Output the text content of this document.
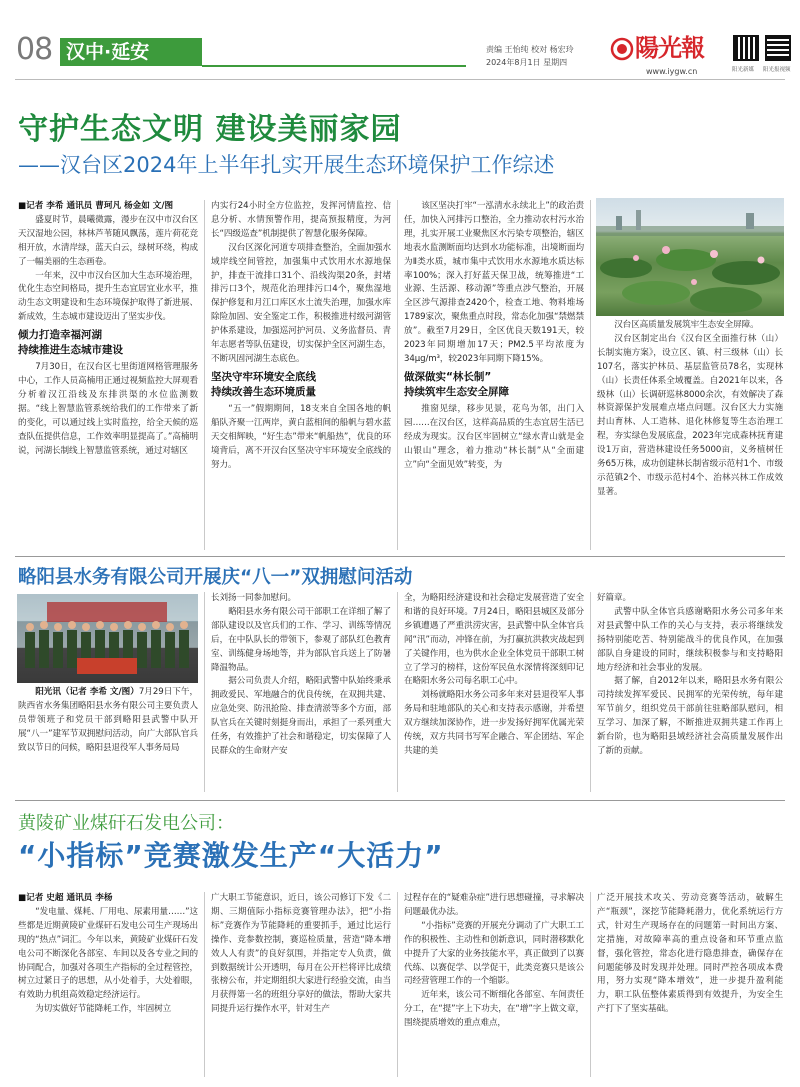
08 汉中·延安	责编 王怡纯 校对 杨宏玲
2024年8月1日 星期四
陽光報
www.iygw.cn	阳光新媒 阳光报视频
守护生态文明 建设美丽家园
——汉台区2024年上半年扎实开展生态环境保护工作综述
■记者 李希 通讯员 曹珂凡 杨金如 文/图

盛夏时节，晨曦微露，漫步在汉中市汉台区天汉湿地公园，林林芦苇随风飘荡，莲片荷花竞相开放，水清岸绿，蓝天白云，绿树环绕，构成了一幅美丽的生态画卷。

一年来，汉中市汉台区加大生态环境治理，优化生态空间格局，提升生态宜居宜业水平，推动生态文明建设和生态环境保护取得了新进展、新成效，生态城市建设迈出了坚实步伐。

倾力打造幸福河湖
持续推进生态城市建设

7月30日，在汉台区七里街道网格管理服务中心，工作人员高楠用正通过视频监控大屏观看分析着汉江沿线及东排洪渠的水位监测数据。“线上智慧监管系统给我们的工作带来了新的变化，可以通过线上实时监控，给全天候的巡查队伍提供信息，工作效率明显提高了。”高楠明说，河湖长制线上智慧监管系统，通过对辖区

内实行24小时全方位监控，发挥河情监控、信息分析、水情预警作用，提高预报精度，为河长“四级巡查”机制提供了智慧化服务保障。

汉台区深化河道专项排查整治，全面加强水域岸线空间管控，加强集中式饮用水水源地保护，排查干流排口31个、沿线沟渠20条，封堵排污口3个，规范化治理排污口4个，聚焦湿地保护修复和月江口库区水土流失治理，加强水库除险加固、安全鉴定工作，积极推进村级河湖管护体系建设，加强巡河护河员、义务监督员、青年志愿者等队伍建设，切实保护全区河湖生态，不断巩固河湖生态底色。

坚决守牢环境安全底线
持续改善生态环境质量

“五一”假期期间，18支来自全国各地的帆船队齐聚一江两岸，黄白蓝相间的船帆与碧水蓝天交相辉映，“好生态”带来“帆船热”，优良的环境背后，离不开汉台区坚决守牢环境安全底线的努力。

该区坚决打牢“一泓清水永续北上”的政治责任，加快入河排污口整治，全力推动农村污水治理，扎实开展工业聚焦区水污染专项整治，辖区地表水监测断面均达到水功能标准，出境断面均为Ⅱ类水质，城市集中式饮用水水源地水质达标率100%；深入打好蓝天保卫战，统筹推进“工业源、生活源、移动源”等重点涉气整治，开展全区涉气源排查2420个，检查工地、物料堆场1789家次，聚焦重点时段，常态化加强“禁燃禁放”。截至7月29日，全区优良天数191天，较2023年同期增加17天；PM2.5平均浓度为34μg/m³，较2023年同期下降15%。

做深做实“林长制”
持续筑牢生态安全屏障

推窗见绿，移步见景，花鸟为邻，出门入园……在汉台区，这样高品质的生态宜居生活已经成为现实。汉台区牢固树立“绿水青山就是金山银山”理念，着力推动“林长制”从“全面建立”向“全面见效”转变，为

汉台区高质量发展筑牢生态安全屏障。

汉台区制定出台《汉台区全面推行林（山）长制实施方案》，设立区、镇、村三级林（山）长107名，落实护林员、基层监管员78名，实现林（山）长责任体系全域覆盖。自2021年以来，各级林（山）长调研巡林8000余次，有效解决了森林资源保护发展难点堵点问题。汉台区大力实施封山育林、人工造林、退化林修复等生态治理工程，夯实绿色发展底盘，2023年完成森林抚育建设1万亩，营造林建设任务5000亩，义务植树任务65万株，成功创建林长制省级示范村1个、市级示范镇2个、市级示范村4个、治林兴林工作成效显著。

略阳县水务有限公司开展庆“八一”双拥慰问活动

阳光讯（记者 李希 文/图）7月29日下午，陕西省水务集团略阳县水务有限公司主要负责人员带领班子和党员干部到略阳县武警中队开展“八一”建军节双拥慰问活动，向广大部队官兵致以节日的问候，略阳县退役军人事务局局

长刘扬一同参加慰问。

略阳县水务有限公司干部职工在详细了解了部队建设以及官兵们的工作、学习、训练等情况后，在中队队长的带领下，参观了部队红色教育室、训练健身场地等，并为部队官兵送上了防暑降温物品。

据公司负责人介绍，略阳武警中队始终秉承拥政爱民、军地融合的优良传统，在双拥共建、应急处突、防汛抢险、排查清淤等多个方面，部队官兵在关键时刻挺身而出，承担了一系列重大任务，有效推护了社会和谐稳定，切实保障了人民群众的生命财产安

全，为略阳经济建设和社会稳定发展营造了安全和谐的良好环境。7月24日，略阳县城区及部分乡镇遭遇了严重洪涝灾害，县武警中队全体官兵闻“汛”而动，冲锋在前，为打赢抗洪救灾战起到了关键作用，也为供水企业全体党员干部职工树立了学习的榜样，这份军民鱼水深情将深刻印记在略阳水务公司每名职工心中。

刘杨就略阳水务公司多年来对县退役军人事务局和驻地部队的关心和支持表示感谢，并希望双方继续加深协作，进一步发扬好拥军优属光荣传统，双方共同书写军企融合、军企团结、军企共建的美

好篇章。

武警中队全体官兵感谢略阳水务公司多年来对县武警中队工作的关心与支持，表示将继续发扬特别能吃苦、特别能战斗的优良作风，在加强部队自身建设的同时，继续积极参与和支持略阳地方经济和社会事业的发展。

据了解，自2012年以来，略阳县水务有限公司持续发挥军爱民、民拥军的光荣传统，每年建军节前夕，组织党员干部前往驻略部队慰问，相互学习、加深了解，不断推进双拥共建工作再上新台阶，也为略阳县域经济社会高质量发展作出了新的贡献。

黄陵矿业煤矸石发电公司：
“小指标”竞赛激发生产“大活力”
■记者 史超 通讯员 李杨

“发电量、煤耗、厂用电、尿素用量……”这些都是近期黄陵矿业煤矸石发电公司生产现场出现的“热点”词汇。今年以来，黄陵矿业煤矸石发电公司不断深化各部室、车间以及各专业之间的协同配合，加强对各项生产指标的全过程管控，树立过紧日子的思想，从小处着手，大处着眼，有效助力机组高效稳定经济运行。

为切实做好节能降耗工作，牢固树立

广大职工节能意识，近日，该公司修订下发《二期、三期值际小指标竞赛管理办法》，把“小指标”竞赛作为节能降耗的重要抓手，通过比运行操作、竞参数控制，赛巡检质量，营造“降本增效人人有责”的良好氛围，并指定专人负责，做到数据统计公开透明，每月在公开栏将评比成绩张榜公布，并定期组织大家进行经验交流，由当月获得第一名的班组分享好的做法，帮助大家共同提升运行操作水平，针对生产

过程存在的“疑难杂症”进行思想碰撞，寻求解决问题最优办法。

“小指标”竞赛的开展充分调动了广大职工工作的积极性、主动性和创新意识，同时潜移默化中提升了大家的业务技能水平，真正做到了以赛代练、以赛促学、以学促干，此类竞赛只是该公司经营管理工作的一个缩影。

近年来，该公司不断细化各部室、车间责任分工，在“提”字上下功夫，在“增”字上做文章，围绕提质增效的重点难点，

广泛开展技术攻关、劳动竞赛等活动，破解生产“瓶颈”，深挖节能降耗潜力，优化系统运行方式，针对生产现场存在的问题第一时间出方案、定措施，对故障率高的重点设备和环节重点监督，强化管控，常态化进行隐患排查，确保存在问题能够及时发现并处理。同时严控各项成本费用，努力实现“降本增效”，进一步提升盈利能力，职工队伍整体素质得到有效提升，为安全生产打下了坚实基础。
